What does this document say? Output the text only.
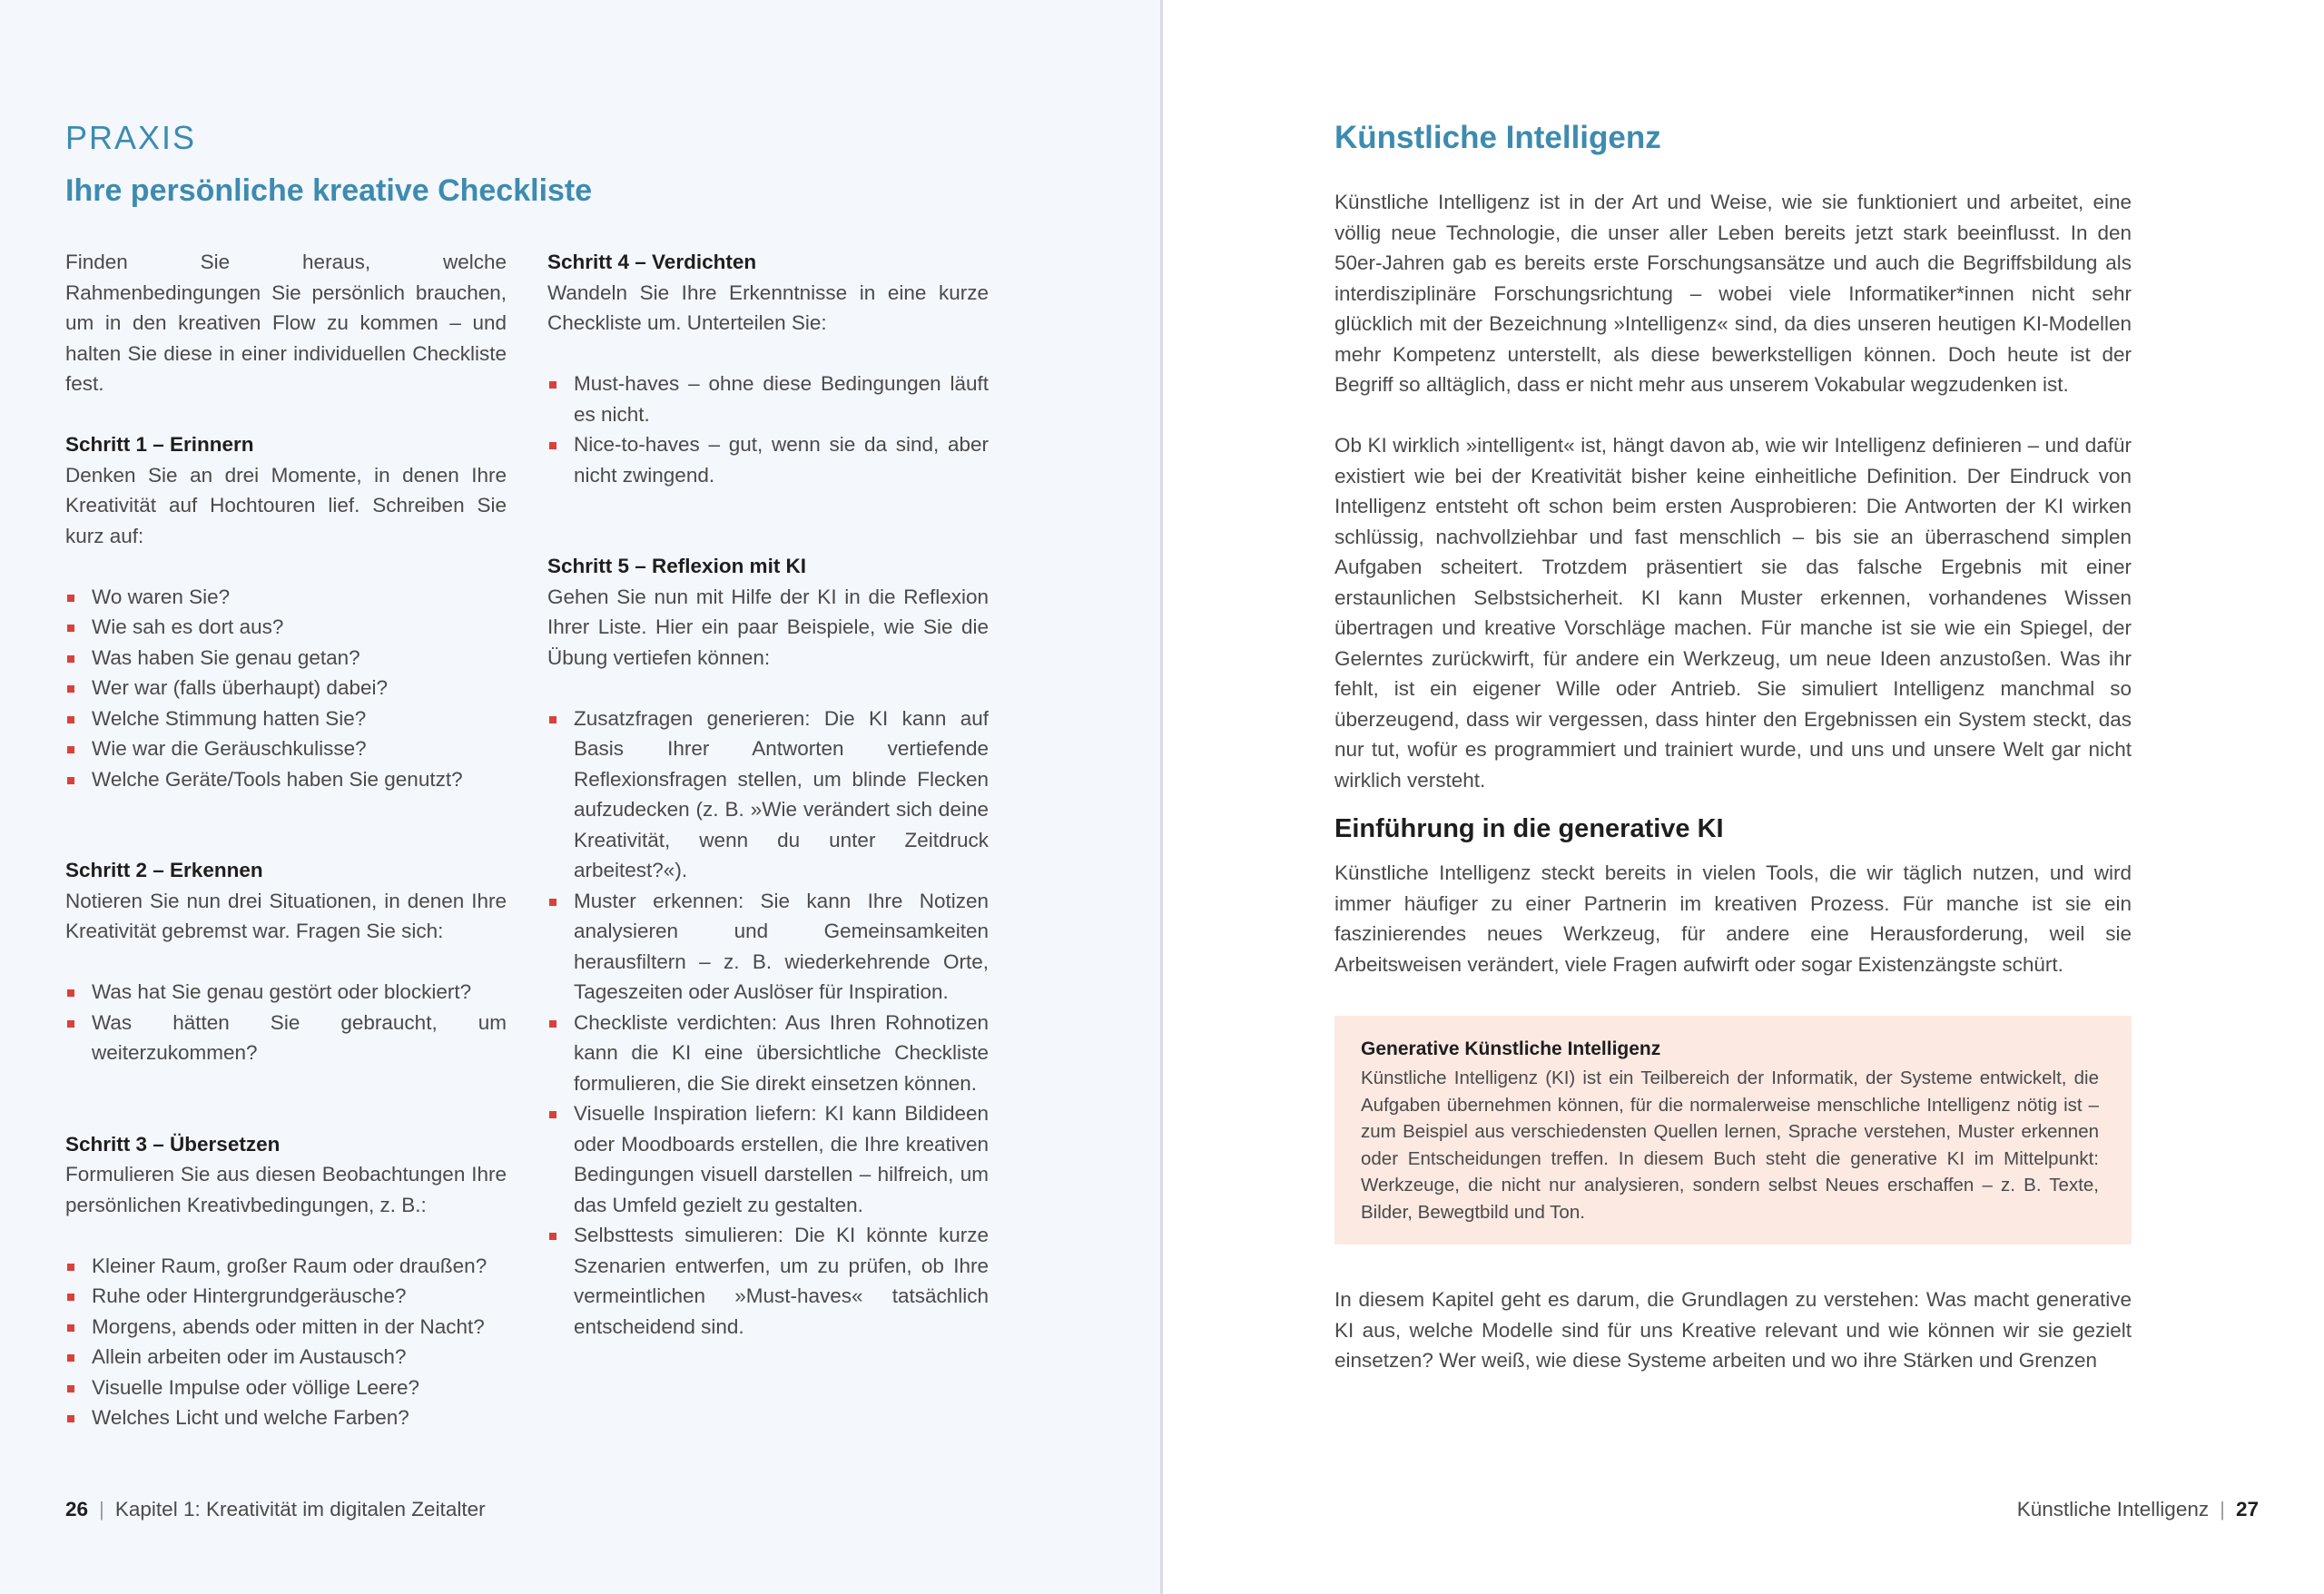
PRAXIS
Ihre persönliche kreative Checkliste

Finden Sie heraus, welche Rahmenbedingungen Sie persönlich brauchen, um in den kreativen Flow zu kommen – und halten Sie diese in einer individuellen Checkliste fest.

Schritt 1 – Erinnern

Denken Sie an drei Momente, in denen Ihre Kreativität auf Hochtouren lief. Schreiben Sie kurz auf:

Wo waren Sie?
Wie sah es dort aus?
Was haben Sie genau getan?
Wer war (falls überhaupt) dabei?
Welche Stimmung hatten Sie?
Wie war die Geräuschkulisse?
Welche Geräte/Tools haben Sie genutzt?
Schritt 2 – Erkennen

Notieren Sie nun drei Situationen, in denen Ihre Kreativität gebremst war. Fragen Sie sich:

Was hat Sie genau gestört oder blockiert?
Was hätten Sie gebraucht, um weiterzukommen?
Schritt 3 – Übersetzen

Formulieren Sie aus diesen Beobachtungen Ihre persönlichen Kreativbedingungen, z. B.:

Kleiner Raum, großer Raum oder draußen?
Ruhe oder Hintergrundgeräusche?
Morgens, abends oder mitten in der Nacht?
Allein arbeiten oder im Austausch?
Visuelle Impulse oder völlige Leere?
Welches Licht und welche Farben?
Schritt 4 – Verdichten

Wandeln Sie Ihre Erkenntnisse in eine kurze Checkliste um. Unterteilen Sie:

Must-haves – ohne diese Bedingungen läuft es nicht.
Nice-to-haves – gut, wenn sie da sind, aber nicht zwingend.
Schritt 5 – Reflexion mit KI

Gehen Sie nun mit Hilfe der KI in die Reflexion Ihrer Liste. Hier ein paar Beispiele, wie Sie die Übung vertiefen können:

Zusatzfragen generieren: Die KI kann auf Basis Ihrer Antworten vertiefende Reflexionsfragen stellen, um blinde Flecken aufzudecken (z. B. »Wie verändert sich deine Kreativität, wenn du unter Zeitdruck arbeitest?«).
Muster erkennen: Sie kann Ihre Notizen analysieren und Gemeinsamkeiten herausfiltern – z. B. wiederkehrende Orte, Tageszeiten oder Auslöser für Inspiration.
Checkliste verdichten: Aus Ihren Rohnotizen kann die KI eine übersichtliche Checkliste formulieren, die Sie direkt einsetzen können.
Visuelle Inspiration liefern: KI kann Bildideen oder Moodboards erstellen, die Ihre kreativen Bedingungen visuell darstellen – hilfreich, um das Umfeld gezielt zu gestalten.
Selbsttests simulieren: Die KI könnte kurze Szenarien entwerfen, um zu prüfen, ob Ihre vermeintlichen »Must-haves« tatsächlich entscheidend sind.
26 | Kapitel 1: Kreativität im digitalen Zeitalter
Künstliche Intelligenz

Künstliche Intelligenz ist in der Art und Weise, wie sie funktioniert und arbeitet, eine völlig neue Technologie, die unser aller Leben bereits jetzt stark beeinflusst. In den 50er-Jahren gab es bereits erste Forschungsansätze und auch die Begriffsbildung als interdisziplinäre Forschungsrichtung – wobei viele Informatiker*innen nicht sehr glücklich mit der Bezeichnung »Intelligenz« sind, da dies unseren heutigen KI-Modellen mehr Kompetenz unterstellt, als diese bewerkstelligen können. Doch heute ist der Begriff so alltäglich, dass er nicht mehr aus unserem Vokabular wegzudenken ist.

Ob KI wirklich »intelligent« ist, hängt davon ab, wie wir Intelligenz definieren – und dafür existiert wie bei der Kreativität bisher keine einheitliche Definition. Der Eindruck von Intelligenz entsteht oft schon beim ersten Ausprobieren: Die Antworten der KI wirken schlüssig, nachvollziehbar und fast menschlich – bis sie an überraschend simplen Aufgaben scheitert. Trotzdem präsentiert sie das falsche Ergebnis mit einer erstaunlichen Selbstsicherheit. KI kann Muster erkennen, vorhandenes Wissen übertragen und kreative Vorschläge machen. Für manche ist sie wie ein Spiegel, der Gelerntes zurückwirft, für andere ein Werkzeug, um neue Ideen anzustoßen. Was ihr fehlt, ist ein eigener Wille oder Antrieb. Sie simuliert Intelligenz manchmal so überzeugend, dass wir vergessen, dass hinter den Ergebnissen ein System steckt, das nur tut, wofür es programmiert und trainiert wurde, und uns und unsere Welt gar nicht wirklich versteht.

Einführung in die generative KI

Künstliche Intelligenz steckt bereits in vielen Tools, die wir täglich nutzen, und wird immer häufiger zu einer Partnerin im kreativen Prozess. Für manche ist sie ein faszinierendes neues Werkzeug, für andere eine Herausforderung, weil sie Arbeitsweisen verändert, viele Fragen aufwirft oder sogar Existenzängste schürt.

Generative Künstliche Intelligenz

Künstliche Intelligenz (KI) ist ein Teilbereich der Informatik, der Systeme entwickelt, die Aufgaben übernehmen können, für die normalerweise menschliche Intelligenz nötig ist – zum Beispiel aus verschiedensten Quellen lernen, Sprache verstehen, Muster erkennen oder Entscheidungen treffen. In diesem Buch steht die generative KI im Mittelpunkt: Werkzeuge, die nicht nur analysieren, sondern selbst Neues erschaffen – z. B. Texte, Bilder, Bewegtbild und Ton.

In diesem Kapitel geht es darum, die Grundlagen zu verstehen: Was macht generative KI aus, welche Modelle sind für uns Kreative relevant und wie können wir sie gezielt einsetzen? Wer weiß, wie diese Systeme arbeiten und wo ihre Stärken und Grenzen

Künstliche Intelligenz | 27
